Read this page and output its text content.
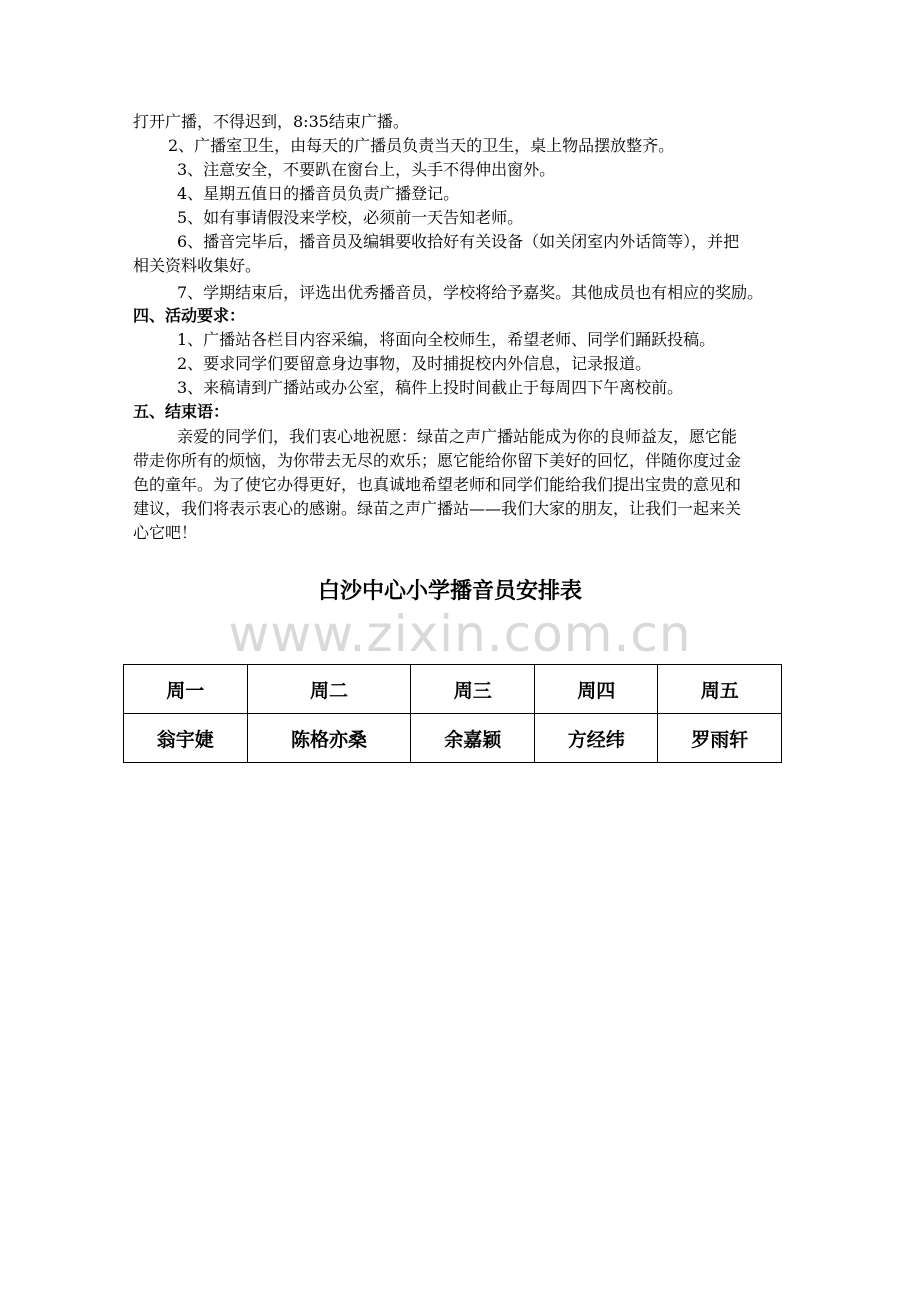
打开广播，不得迟到，8:35结束广播。
2、广播室卫生，由每天的广播员负责当天的卫生，桌上物品摆放整齐。
3、注意安全，不要趴在窗台上，头手不得伸出窗外。
4、星期五值日的播音员负责广播登记。
5、如有事请假没来学校，必须前一天告知老师。
6、播音完毕后，播音员及编辑要收拾好有关设备（如关闭室内外话筒等），并把
相关资料收集好。
7、学期结束后，评选出优秀播音员，学校将给予嘉奖。其他成员也有相应的奖励。
四、活动要求：
1、广播站各栏目内容采编，将面向全校师生，希望老师、同学们踊跃投稿。
2、要求同学们要留意身边事物，及时捕捉校内外信息，记录报道。
3、来稿请到广播站或办公室，稿件上投时间截止于每周四下午离校前。
五、结束语：
亲爱的同学们，我们衷心地祝愿：绿苗之声广播站能成为你的良师益友，愿它能
带走你所有的烦恼，为你带去无尽的欢乐；愿它能给你留下美好的回忆，伴随你度过金
色的童年。为了使它办得更好，也真诚地希望老师和同学们能给我们提出宝贵的意见和
建议，我们将表示衷心的感谢。绿苗之声广播站——我们大家的朋友，让我们一起来关
心它吧！
白沙中心小学播音员安排表
www.zixin.com.cn
周一	周二	周三	周四	周五
翁宇婕	陈格亦桑	余嘉颖	方经纬	罗雨轩
